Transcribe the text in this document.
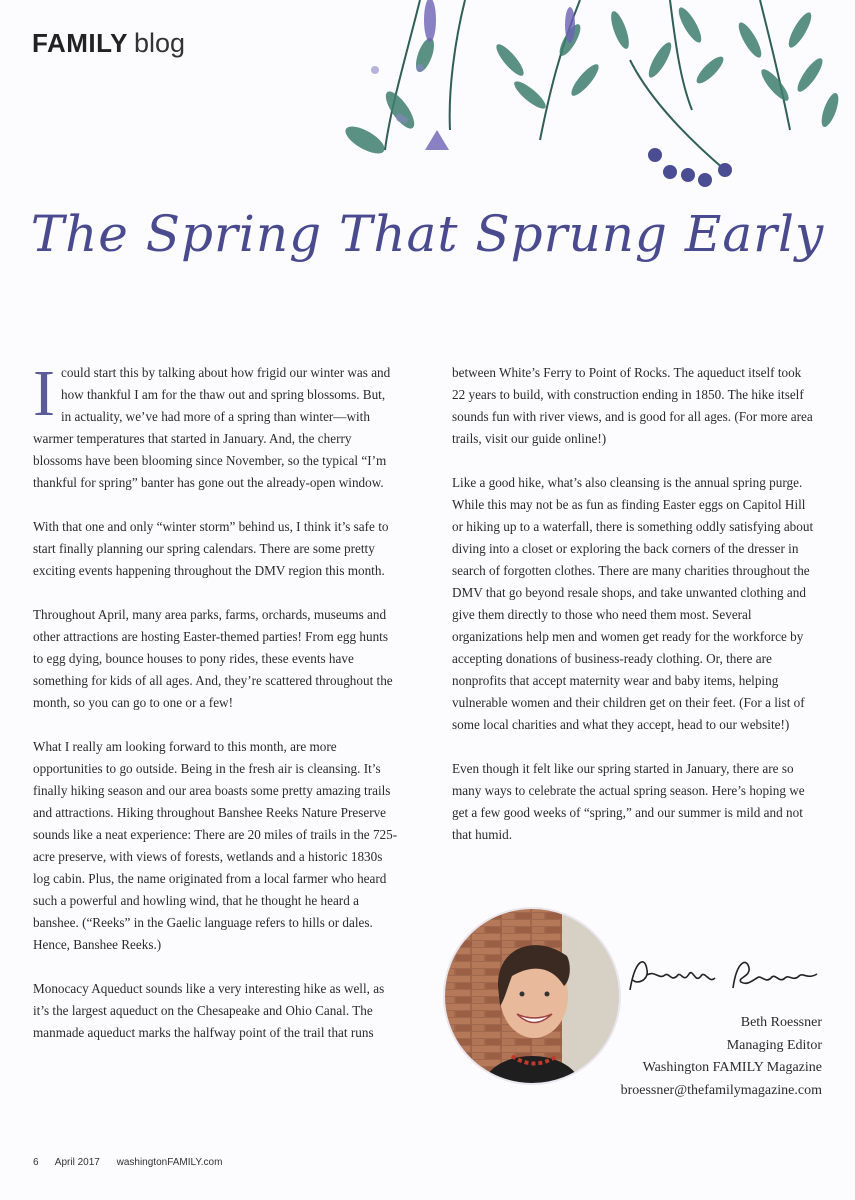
FAMILY blog
The Spring That Sprung Early

Icould start this by talking about how frigid our winter was and how thankful I am for the thaw out and spring blossoms. But, in actuality, we’ve had more of a spring than winter—with warmer temperatures that started in January. And, the cherry blossoms have been blooming since November, so the typical “I’m thankful for spring” banter has gone out the already-open window.

With that one and only “winter storm” behind us, I think it’s safe to start finally planning our spring calendars. There are some pretty exciting events happening throughout the DMV region this month.

Throughout April, many area parks, farms, orchards, museums and other attractions are hosting Easter-themed parties! From egg hunts to egg dying, bounce houses to pony rides, these events have something for kids of all ages. And, they’re scattered throughout the month, so you can go to one or a few!

What I really am looking forward to this month, are more opportunities to go outside. Being in the fresh air is cleansing. It’s finally hiking season and our area boasts some pretty amazing trails and attractions. Hiking throughout Banshee Reeks Nature Preserve sounds like a neat experience: There are 20 miles of trails in the 725-acre preserve, with views of forests, wetlands and a historic 1830s log cabin. Plus, the name originated from a local farmer who heard such a powerful and howling wind, that he thought he heard a banshee. (“Reeks” in the Gaelic language refers to hills or dales. Hence, Banshee Reeks.)

Monocacy Aqueduct sounds like a very interesting hike as well, as it’s the largest aqueduct on the Chesapeake and Ohio Canal. The manmade aqueduct marks the halfway point of the trail that runs

between White’s Ferry to Point of Rocks. The aqueduct itself took 22 years to build, with construction ending in 1850. The hike itself sounds fun with river views, and is good for all ages. (For more area trails, visit our guide online!)

Like a good hike, what’s also cleansing is the annual spring purge. While this may not be as fun as finding Easter eggs on Capitol Hill or hiking up to a waterfall, there is something oddly satisfying about diving into a closet or exploring the back corners of the dresser in search of forgotten clothes. There are many charities throughout the DMV that go beyond resale shops, and take unwanted clothing and give them directly to those who need them most. Several organizations help men and women get ready for the workforce by accepting donations of business-ready clothing. Or, there are nonprofits that accept maternity wear and baby items, helping vulnerable women and their children get on their feet. (For a list of some local charities and what they accept, head to our website!)

Even though it felt like our spring started in January, there are so many ways to celebrate the actual spring season. Here’s hoping we get a few good weeks of “spring,” and our summer is mild and not that humid.

Beth Roessner
Managing Editor
Washington FAMILY Magazine
broessner@thefamilymagazine.com
6 April 2017 washingtonFAMILY.com
